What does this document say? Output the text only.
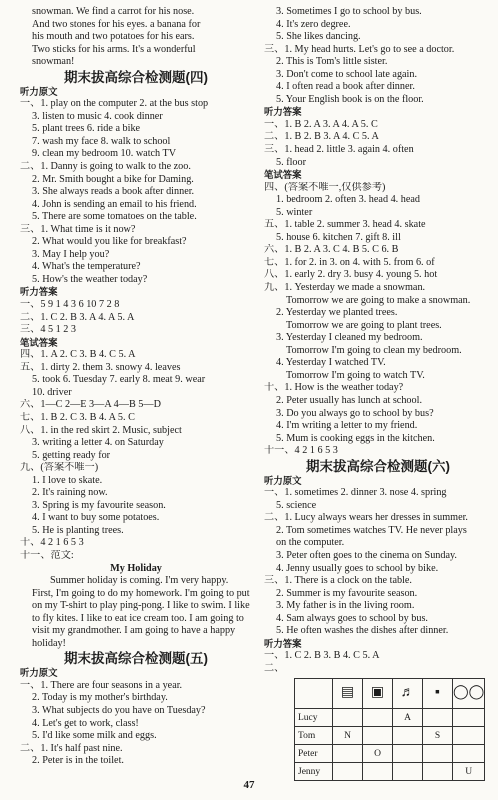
snowman. We find a carrot for his nose.
And two stones for his eyes. a banana for
his mouth and two potatoes for his ears.
Two sticks for his arms. It's a wonderful
snowman!
期末拔高综合检测题(四)
听力原文
一、1. play on the computer 2. at the bus stop
3. listen to music 4. cook dinner
5. plant trees 6. ride a bike
7. wash my face 8. walk to school
9. clean my bedroom 10. watch TV
二、1. Danny is going to walk to the zoo.
2. Mr. Smith bought a bike for Daming.
3. She always reads a book after dinner.
4. John is sending an email to his friend.
5. There are some tomatoes on the table.
三、1. What time is it now?
2. What would you like for breakfast?
3. May I help you?
4. What's the temperature?
5. How's the weather today?
听力答案
一、5 9 1 4 3 6 10 7 2 8
二、1. C 2. B 3. A 4. A 5. A
三、4 5 1 2 3
笔试答案
四、1. A 2. C 3. B 4. C 5. A
五、1. dirty 2. them 3. snowy 4. leaves
5. took 6. Tuesday 7. early 8. meat 9. wear
10. driver
六、1—C 2—E 3—A 4—B 5—D
七、1. B 2. C 3. B 4. A 5. C
八、1. in the red skirt 2. Music, subject
3. writing a letter 4. on Saturday
5. getting ready for
九、(答案不唯一)
1. I love to skate.
2. It's raining now.
3. Spring is my favourite season.
4. I want to buy some potatoes.
5. He is planting trees.
十、4 2 1 6 5 3
十一、范文:
My Holiday
Summer holiday is coming. I'm very happy. First, I'm going to do my homework. I'm going to put on my T-shirt to play ping-pong. I like to swim. I like to fly kites. I like to eat ice cream too. I am going to visit my grandmother. I am going to have a happy holiday!
期末拔高综合检测题(五)
听力原文
一、1. There are four seasons in a year.
2. Today is my mother's birthday.
3. What subjects do you have on Tuesday?
4. Let's get to work, class!
5. I'd like some milk and eggs.
二、1. It's half past nine.
2. Peter is in the toilet.
3. Sometimes I go to school by bus.
4. It's zero degree.
5. She likes dancing.
三、1. My head hurts. Let's go to see a doctor.
2. This is Tom's little sister.
3. Don't come to school late again.
4. I often read a book after dinner.
5. Your English book is on the floor.
听力答案
一、1. B 2. A 3. A 4. A 5. C
二、1. B 2. B 3. A 4. C 5. A
三、1. head 2. little 3. again 4. often
5. floor
笔试答案
四、(答案不唯一,仅供参考)
1. bedroom 2. often 3. head 4. head
5. winter
五、1. table 2. summer 3. head 4. skate
5. house 6. kitchen 7. gift 8. ill
六、1. B 2. A 3. C 4. B 5. C 6. B
七、1. for 2. in 3. on 4. with 5. from 6. of
八、1. early 2. dry 3. busy 4. young 5. hot
九、1. Yesterday we made a snowman.
Tomorrow we are going to make a snowman.
2. Yesterday we planted trees.
Tomorrow we are going to plant trees.
3. Yesterday I cleaned my bedroom.
Tomorrow I'm going to clean my bedroom.
4. Yesterday I watched TV.
Tomorrow I'm going to watch TV.
十、1. How is the weather today?
2. Peter usually has lunch at school.
3. Do you always go to school by bus?
4. I'm writing a letter to my friend.
5. Mum is cooking eggs in the kitchen.
十一、4 2 1 6 5 3
期末拔高综合检测题(六)
听力原文
一、1. sometimes 2. dinner 3. nose 4. spring
5. science
二、1. Lucy always wears her dresses in summer.
2. Tom sometimes watches TV. He never plays
on the computer.
3. Peter often goes to the cinema on Sunday.
4. Jenny usually goes to school by bike.
三、1. There is a clock on the table.
2. Summer is my favourite season.
3. My father is in the living room.
4. Sam always goes to school by bus.
5. He often washes the dishes after dinner.
听力答案
一、1. C 2. B 3. B 4. C 5. A
二、
	▤	▣	♬	▪	◯◯
Lucy			A		
Tom	N			S	
Peter		O			
Jenny					U
47
